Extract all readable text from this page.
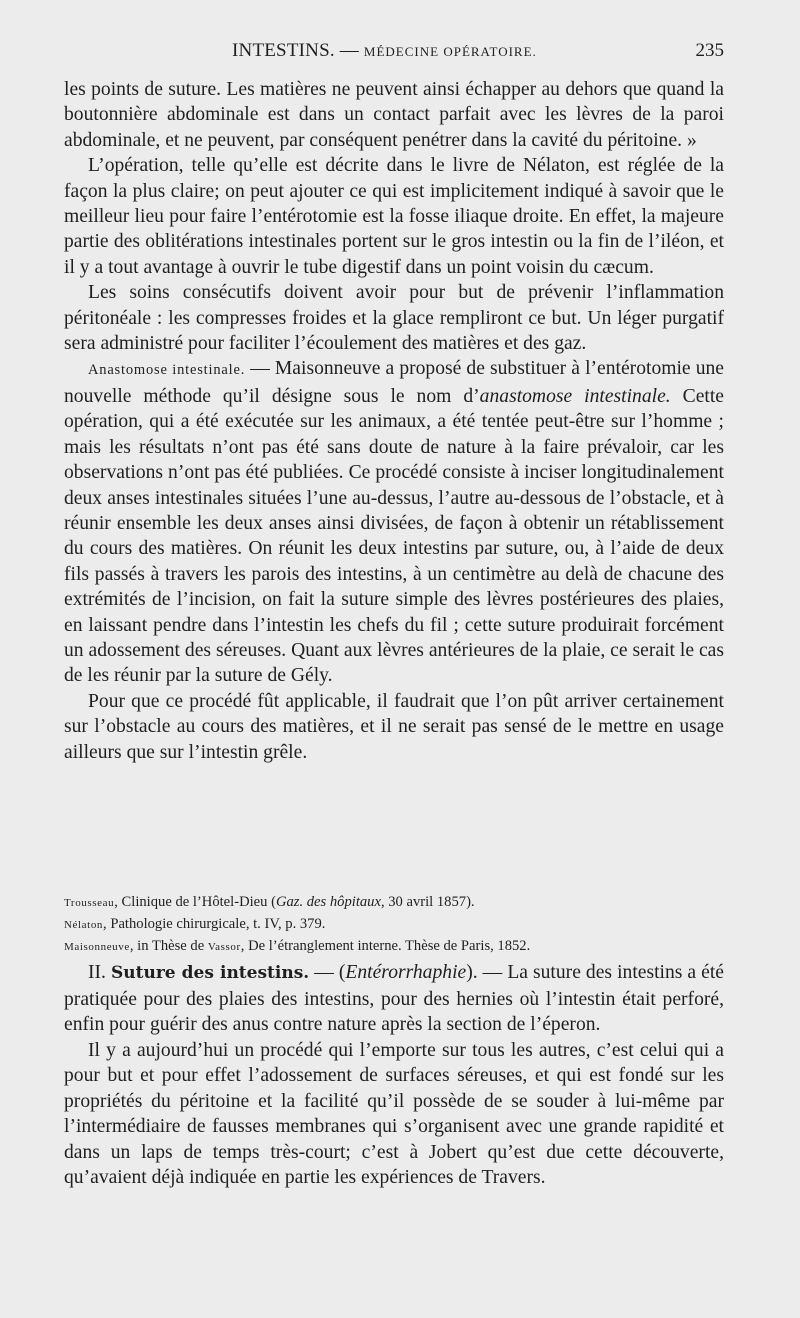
INTESTINS. — MÉDECINE OPÉRATOIRE.	235

les points de suture. Les matières ne peuvent ainsi échapper au dehors que quand la boutonnière abdominale est dans un contact parfait avec les lèvres de la paroi abdominale, et ne peuvent, par conséquent penétrer dans la cavité du péritoine. »

L’opération, telle qu’elle est décrite dans le livre de Nélaton, est réglée de la façon la plus claire; on peut ajouter ce qui est implicitement indiqué à savoir que le meilleur lieu pour faire l’entérotomie est la fosse iliaque droite. En effet, la majeure partie des oblitérations intestinales portent sur le gros intestin ou la fin de l’iléon, et il y a tout avantage à ouvrir le tube digestif dans un point voisin du cæcum.

Les soins consécutifs doivent avoir pour but de prévenir l’inflammation péritonéale : les compresses froides et la glace rempliront ce but. Un léger purgatif sera administré pour faciliter l’écoulement des matières et des gaz.

Anastomose intestinale. — Maisonneuve a proposé de substituer à l’entérotomie une nouvelle méthode qu’il désigne sous le nom d’anastomose intestinale. Cette opération, qui a été exécutée sur les animaux, a été tentée peut-être sur l’homme ; mais les résultats n’ont pas été sans doute de nature à la faire prévaloir, car les observations n’ont pas été publiées. Ce procédé consiste à inciser longitudinalement deux anses intestinales situées l’une au-dessus, l’autre au-dessous de l’obstacle, et à réunir ensemble les deux anses ainsi divisées, de façon à obtenir un rétablissement du cours des matières. On réunit les deux intestins par suture, ou, à l’aide de deux fils passés à travers les parois des intestins, à un centimètre au delà de chacune des extrémités de l’incision, on fait la suture simple des lèvres postérieures des plaies, en laissant pendre dans l’intestin les chefs du fil ; cette suture produirait forcément un adossement des séreuses. Quant aux lèvres antérieures de la plaie, ce serait le cas de les réunir par la suture de Gély.

Pour que ce procédé fût applicable, il faudrait que l’on pût arriver certainement sur l’obstacle au cours des matières, et il ne serait pas sensé de le mettre en usage ailleurs que sur l’intestin grêle.

Trousseau, Clinique de l’Hôtel-Dieu (Gaz. des hôpitaux, 30 avril 1857).
Nélaton, Pathologie chirurgicale, t. IV, p. 379.
Maisonneuve, in Thèse de Vassor, De l’étranglement interne. Thèse de Paris, 1852.

II. Suture des intestins. — (Entérorrhaphie). — La suture des intestins a été pratiquée pour des plaies des intestins, pour des hernies où l’intestin était perforé, enfin pour guérir des anus contre nature après la section de l’éperon.

Il y a aujourd’hui un procédé qui l’emporte sur tous les autres, c’est celui qui a pour but et pour effet l’adossement de surfaces séreuses, et qui est fondé sur les propriétés du péritoine et la facilité qu’il possède de se souder à lui-même par l’intermédiaire de fausses membranes qui s’organisent avec une grande rapidité et dans un laps de temps très-court; c’est à Jobert qu’est due cette découverte, qu’avaient déjà indiquée en partie les expériences de Travers.
